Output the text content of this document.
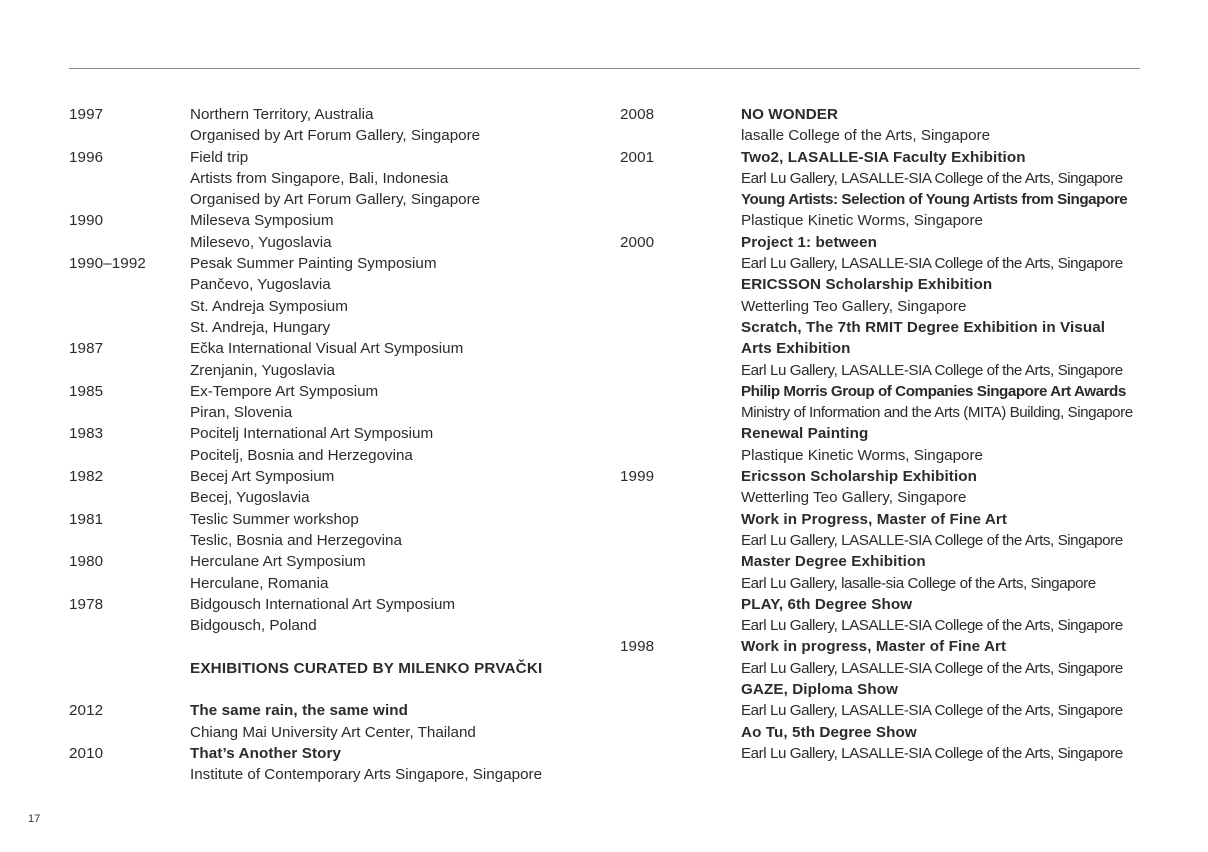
1997	Northern Territory, Australia
Organised by Art Forum Gallery, Singapore
1996	Field trip
Artists from Singapore, Bali, Indonesia
Organised by Art Forum Gallery, Singapore
1990	Mileseva Symposium
Milesevo, Yugoslavia
1990–1992	Pesak Summer Painting Symposium
Pančevo, Yugoslavia
St. Andreja Symposium
St. Andreja, Hungary
1987	Ečka International Visual Art Symposium
Zrenjanin, Yugoslavia
1985	Ex-Tempore Art Symposium
Piran, Slovenia
1983	Pocitelj International Art Symposium
Pocitelj, Bosnia and Herzegovina
1982	Becej Art Symposium
Becej, Yugoslavia
1981	Teslic Summer workshop
Teslic, Bosnia and Herzegovina
1980	Herculane Art Symposium
Herculane, Romania
1978	Bidgousch International Art Symposium
Bidgousch, Poland
EXHIBITIONS CURATED BY MILENKO PRVAČKI
2012	The same rain, the same wind
Chiang Mai University Art Center, Thailand
2010	That’s Another Story
Institute of Contemporary Arts Singapore, Singapore
2008	NO WONDER
lasalle College of the Arts, Singapore
2001	Two2, LASALLE-SIA Faculty Exhibition
Earl Lu Gallery, LASALLE-SIA College of the Arts, Singapore
Young Artists: Selection of Young Artists from Singapore
Plastique Kinetic Worms, Singapore
2000	Project 1: between
Earl Lu Gallery, LASALLE-SIA College of the Arts, Singapore
ERICSSON Scholarship Exhibition
Wetterling Teo Gallery, Singapore
Scratch, The 7th RMIT Degree Exhibition in Visual
Arts Exhibition
Earl Lu Gallery, LASALLE-SIA College of the Arts, Singapore
Philip Morris Group of Companies Singapore Art Awards
Ministry of Information and the Arts (MITA) Building, Singapore
Renewal Painting
Plastique Kinetic Worms, Singapore
1999	Ericsson Scholarship Exhibition
Wetterling Teo Gallery, Singapore
Work in Progress, Master of Fine Art
Earl Lu Gallery, LASALLE-SIA College of the Arts, Singapore
Master Degree Exhibition
Earl Lu Gallery, lasalle-sia College of the Arts, Singapore
PLAY, 6th Degree Show
Earl Lu Gallery, LASALLE-SIA College of the Arts, Singapore
1998	Work in progress, Master of Fine Art
Earl Lu Gallery, LASALLE-SIA College of the Arts, Singapore
GAZE, Diploma Show
Earl Lu Gallery, LASALLE-SIA College of the Arts, Singapore
Ao Tu, 5th Degree Show
Earl Lu Gallery, LASALLE-SIA College of the Arts, Singapore
17
